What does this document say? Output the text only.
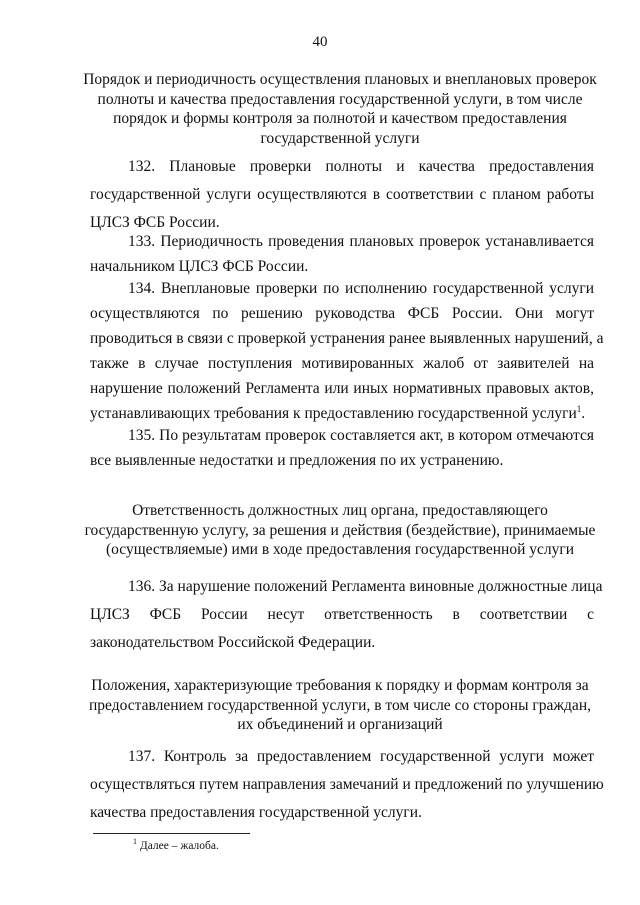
40
Порядок и периодичность осуществления плановых и внеплановых проверок
полноты и качества предоставления государственной услуги, в том числе
порядок и формы контроля за полнотой и качеством предоставления
государственной услуги
132. Плановые проверки полноты и качества предоставления
государственной услуги осуществляются в соответствии с планом работы
ЦЛСЗ ФСБ России.
133. Периодичность проведения плановых проверок устанавливается
начальником ЦЛСЗ ФСБ России.
134. Внеплановые проверки по исполнению государственной услуги
осуществляются по решению руководства ФСБ России. Они могут
проводиться в связи с проверкой устранения ранее выявленных нарушений, а
также в случае поступления мотивированных жалоб от заявителей на
нарушение положений Регламента или иных нормативных правовых актов,
устанавливающих требования к предоставлению государственной услуги$^1$.
135. По результатам проверок составляется акт, в котором отмечаются
все выявленные недостатки и предложения по их устранению.
Ответственность должностных лиц органа, предоставляющего
государственную услугу, за решения и действия (бездействие), принимаемые
(осуществляемые) ими в ходе предоставления государственной услуги
136. За нарушение положений Регламента виновные должностные лица
ЦЛСЗ ФСБ России несут ответственность в соответствии с
законодательством Российской Федерации.
Положения, характеризующие требования к порядку и формам контроля за
предоставлением государственной услуги, в том числе со стороны граждан,
их объединений и организаций
137. Контроль за предоставлением государственной услуги может
осуществляться путем направления замечаний и предложений по улучшению
качества предоставления государственной услуги.
$^1$ Далее – жалоба.
